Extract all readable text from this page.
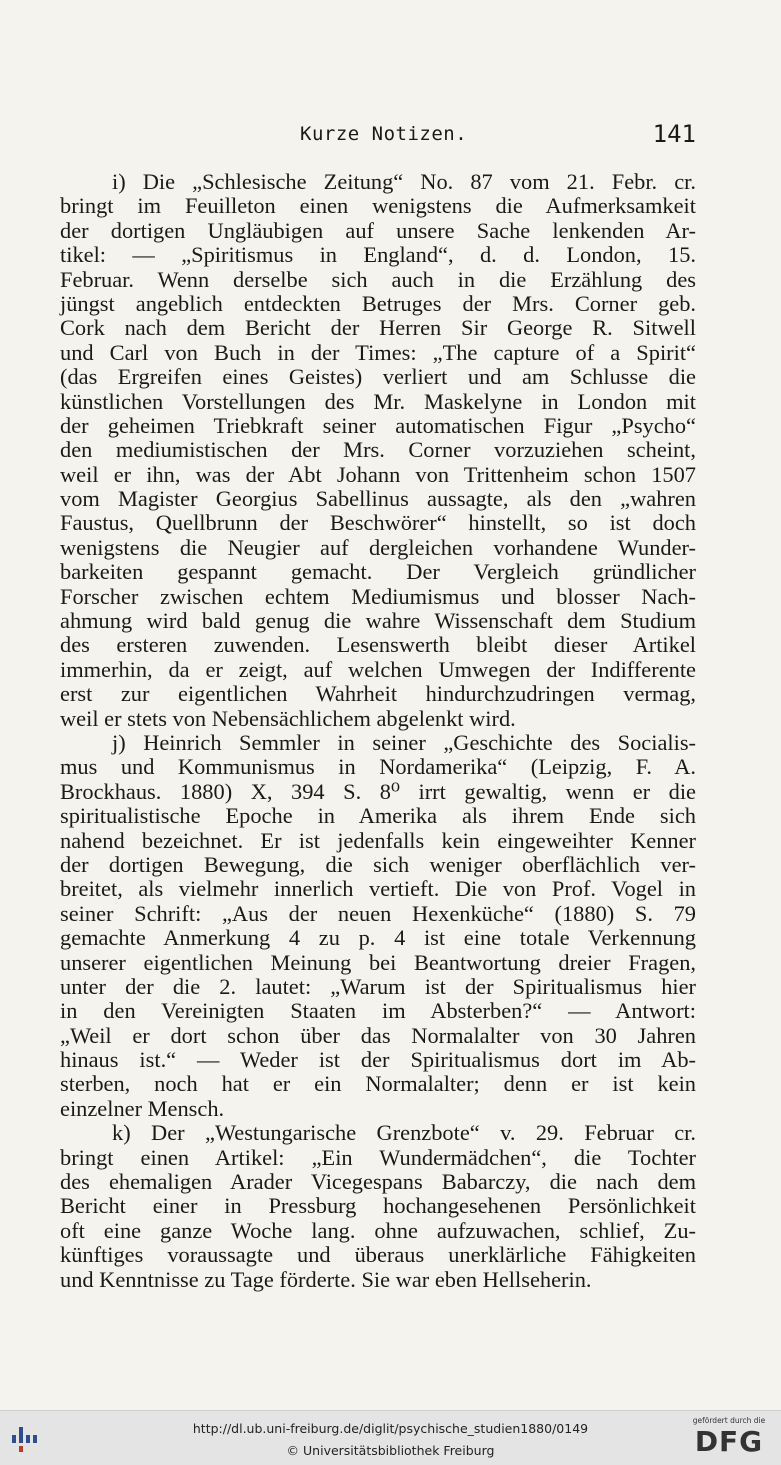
Kurze Notizen.	141
i) Die „Schlesische Zeitung“ No. 87 vom 21. Febr. cr.
bringt im Feuilleton einen wenigstens die Aufmerksamkeit
der dortigen Ungläubigen auf unsere Sache lenkenden Ar-
tikel: — „Spiritismus in England“, d. d. London, 15.
Februar. Wenn derselbe sich auch in die Erzählung des
jüngst angeblich entdeckten Betruges der Mrs. Corner geb.
Cork nach dem Bericht der Herren Sir George R. Sitwell
und Carl von Buch in der Times: „The capture of a Spirit“
(das Ergreifen eines Geistes) verliert und am Schlusse die
künstlichen Vorstellungen des Mr. Maskelyne in London mit
der geheimen Triebkraft seiner automatischen Figur „Psycho“
den mediumistischen der Mrs. Corner vorzuziehen scheint,
weil er ihn, was der Abt Johann von Trittenheim schon 1507
vom Magister Georgius Sabellinus aussagte, als den „wahren
Faustus, Quellbrunn der Beschwörer“ hinstellt, so ist doch
wenigstens die Neugier auf dergleichen vorhandene Wunder-
barkeiten gespannt gemacht. Der Vergleich gründlicher
Forscher zwischen echtem Mediumismus und blosser Nach-
ahmung wird bald genug die wahre Wissenschaft dem Studium
des ersteren zuwenden. Lesenswerth bleibt dieser Artikel
immerhin, da er zeigt, auf welchen Umwegen der Indifferente
erst zur eigentlichen Wahrheit hindurchzudringen vermag,
weil er stets von Nebensächlichem abgelenkt wird.
j) Heinrich Semmler in seiner „Geschichte des Socialis-
mus und Kommunismus in Nordamerika“ (Leipzig, F. A.
Brockhaus. 1880) X, 394 S. 8⁰ irrt gewaltig, wenn er die
spiritualistische Epoche in Amerika als ihrem Ende sich
nahend bezeichnet. Er ist jedenfalls kein eingeweihter Kenner
der dortigen Bewegung, die sich weniger oberflächlich ver-
breitet, als vielmehr innerlich vertieft. Die von Prof. Vogel in
seiner Schrift: „Aus der neuen Hexenküche“ (1880) S. 79
gemachte Anmerkung 4 zu p. 4 ist eine totale Verkennung
unserer eigentlichen Meinung bei Beantwortung dreier Fragen,
unter der die 2. lautet: „Warum ist der Spiritualismus hier
in den Vereinigten Staaten im Absterben?“ — Antwort:
„Weil er dort schon über das Normalalter von 30 Jahren
hinaus ist.“ — Weder ist der Spiritualismus dort im Ab-
sterben, noch hat er ein Normalalter; denn er ist kein
einzelner Mensch.
k) Der „Westungarische Grenzbote“ v. 29. Februar cr.
bringt einen Artikel: „Ein Wundermädchen“, die Tochter
des ehemaligen Arader Vicegespans Babarczy, die nach dem
Bericht einer in Pressburg hochangesehenen Persönlichkeit
oft eine ganze Woche lang. ohne aufzuwachen, schlief, Zu-
künftiges voraussagte und überaus unerklärliche Fähigkeiten
und Kenntnisse zu Tage förderte. Sie war eben Hellseherin.
http://dl.ub.uni-freiburg.de/diglit/psychische_studien1880/0149
© Universitätsbibliothek Freiburg
gefördert durch die
DFG
